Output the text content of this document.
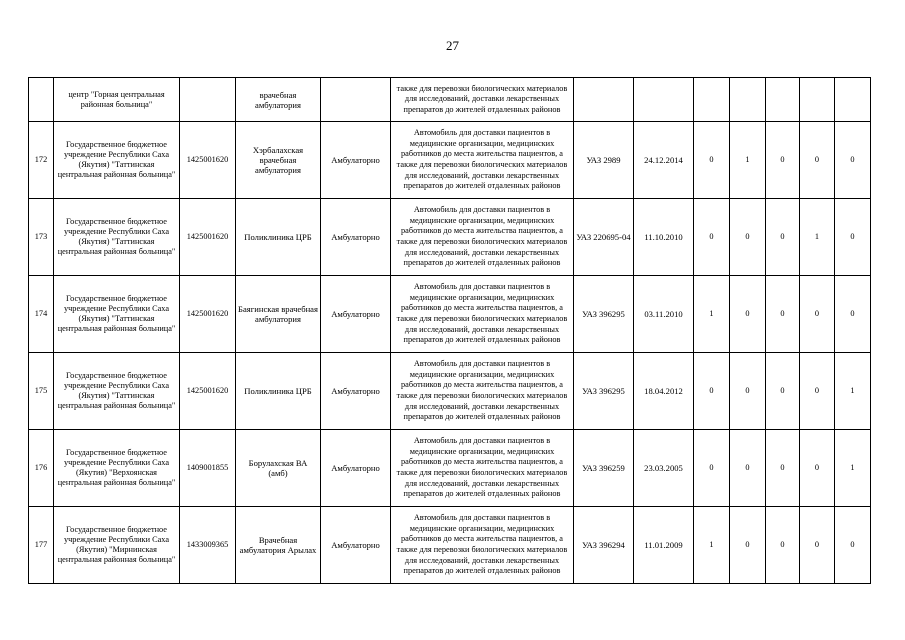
27
	центр "Горная центральная районная больница"		врачебная амбулатория		также для перевозки биологических материалов для исследований, доставки лекарственных препаратов до жителей отдаленных районов							
172	Государственное бюджетное учреждение Республики Саха (Якутия) "Таттинская центральная районная больница"	1425001620	Хэрбалахская врачебная амбулатория	Амбулаторно	Автомобиль для доставки пациентов в медицинские организации, медицинских работников до места жительства пациентов, а также для перевозки биологических материалов для исследований, доставки лекарственных препаратов до жителей отдаленных районов	УАЗ 2989	24.12.2014	0	1	0	0	0
173	Государственное бюджетное учреждение Республики Саха (Якутия) "Таттинская центральная районная больница"	1425001620	Поликлиника ЦРБ	Амбулаторно	Автомобиль для доставки пациентов в медицинские организации, медицинских работников до места жительства пациентов, а также для перевозки биологических материалов для исследований, доставки лекарственных препаратов до жителей отдаленных районов	УАЗ 220695-04	11.10.2010	0	0	0	1	0
174	Государственное бюджетное учреждение Республики Саха (Якутия) "Таттинская центральная районная больница"	1425001620	Баягинская врачебная амбулатория	Амбулаторно	Автомобиль для доставки пациентов в медицинские организации, медицинских работников до места жительства пациентов, а также для перевозки биологических материалов для исследований, доставки лекарственных препаратов до жителей отдаленных районов	УАЗ 396295	03.11.2010	1	0	0	0	0
175	Государственное бюджетное учреждение Республики Саха (Якутия) "Таттинская центральная районная больница"	1425001620	Поликлиника ЦРБ	Амбулаторно	Автомобиль для доставки пациентов в медицинские организации, медицинских работников до места жительства пациентов, а также для перевозки биологических материалов для исследований, доставки лекарственных препаратов до жителей отдаленных районов	УАЗ 396295	18.04.2012	0	0	0	0	1
176	Государственное бюджетное учреждение Республики Саха (Якутия) "Верхоянская центральная районная больница"	1409001855	Борулахская ВА (амб)	Амбулаторно	Автомобиль для доставки пациентов в медицинские организации, медицинских работников до места жительства пациентов, а также для перевозки биологических материалов для исследований, доставки лекарственных препаратов до жителей отдаленных районов	УАЗ 396259	23.03.2005	0	0	0	0	1
177	Государственное бюджетное учреждение Республики Саха (Якутия) "Мирнинская центральная районная больница"	1433009365	Врачебная амбулатория Арылах	Амбулаторно	Автомобиль для доставки пациентов в медицинские организации, медицинских работников до места жительства пациентов, а также для перевозки биологических материалов для исследований, доставки лекарственных препаратов до жителей отдаленных районов	УАЗ 396294	11.01.2009	1	0	0	0	0
